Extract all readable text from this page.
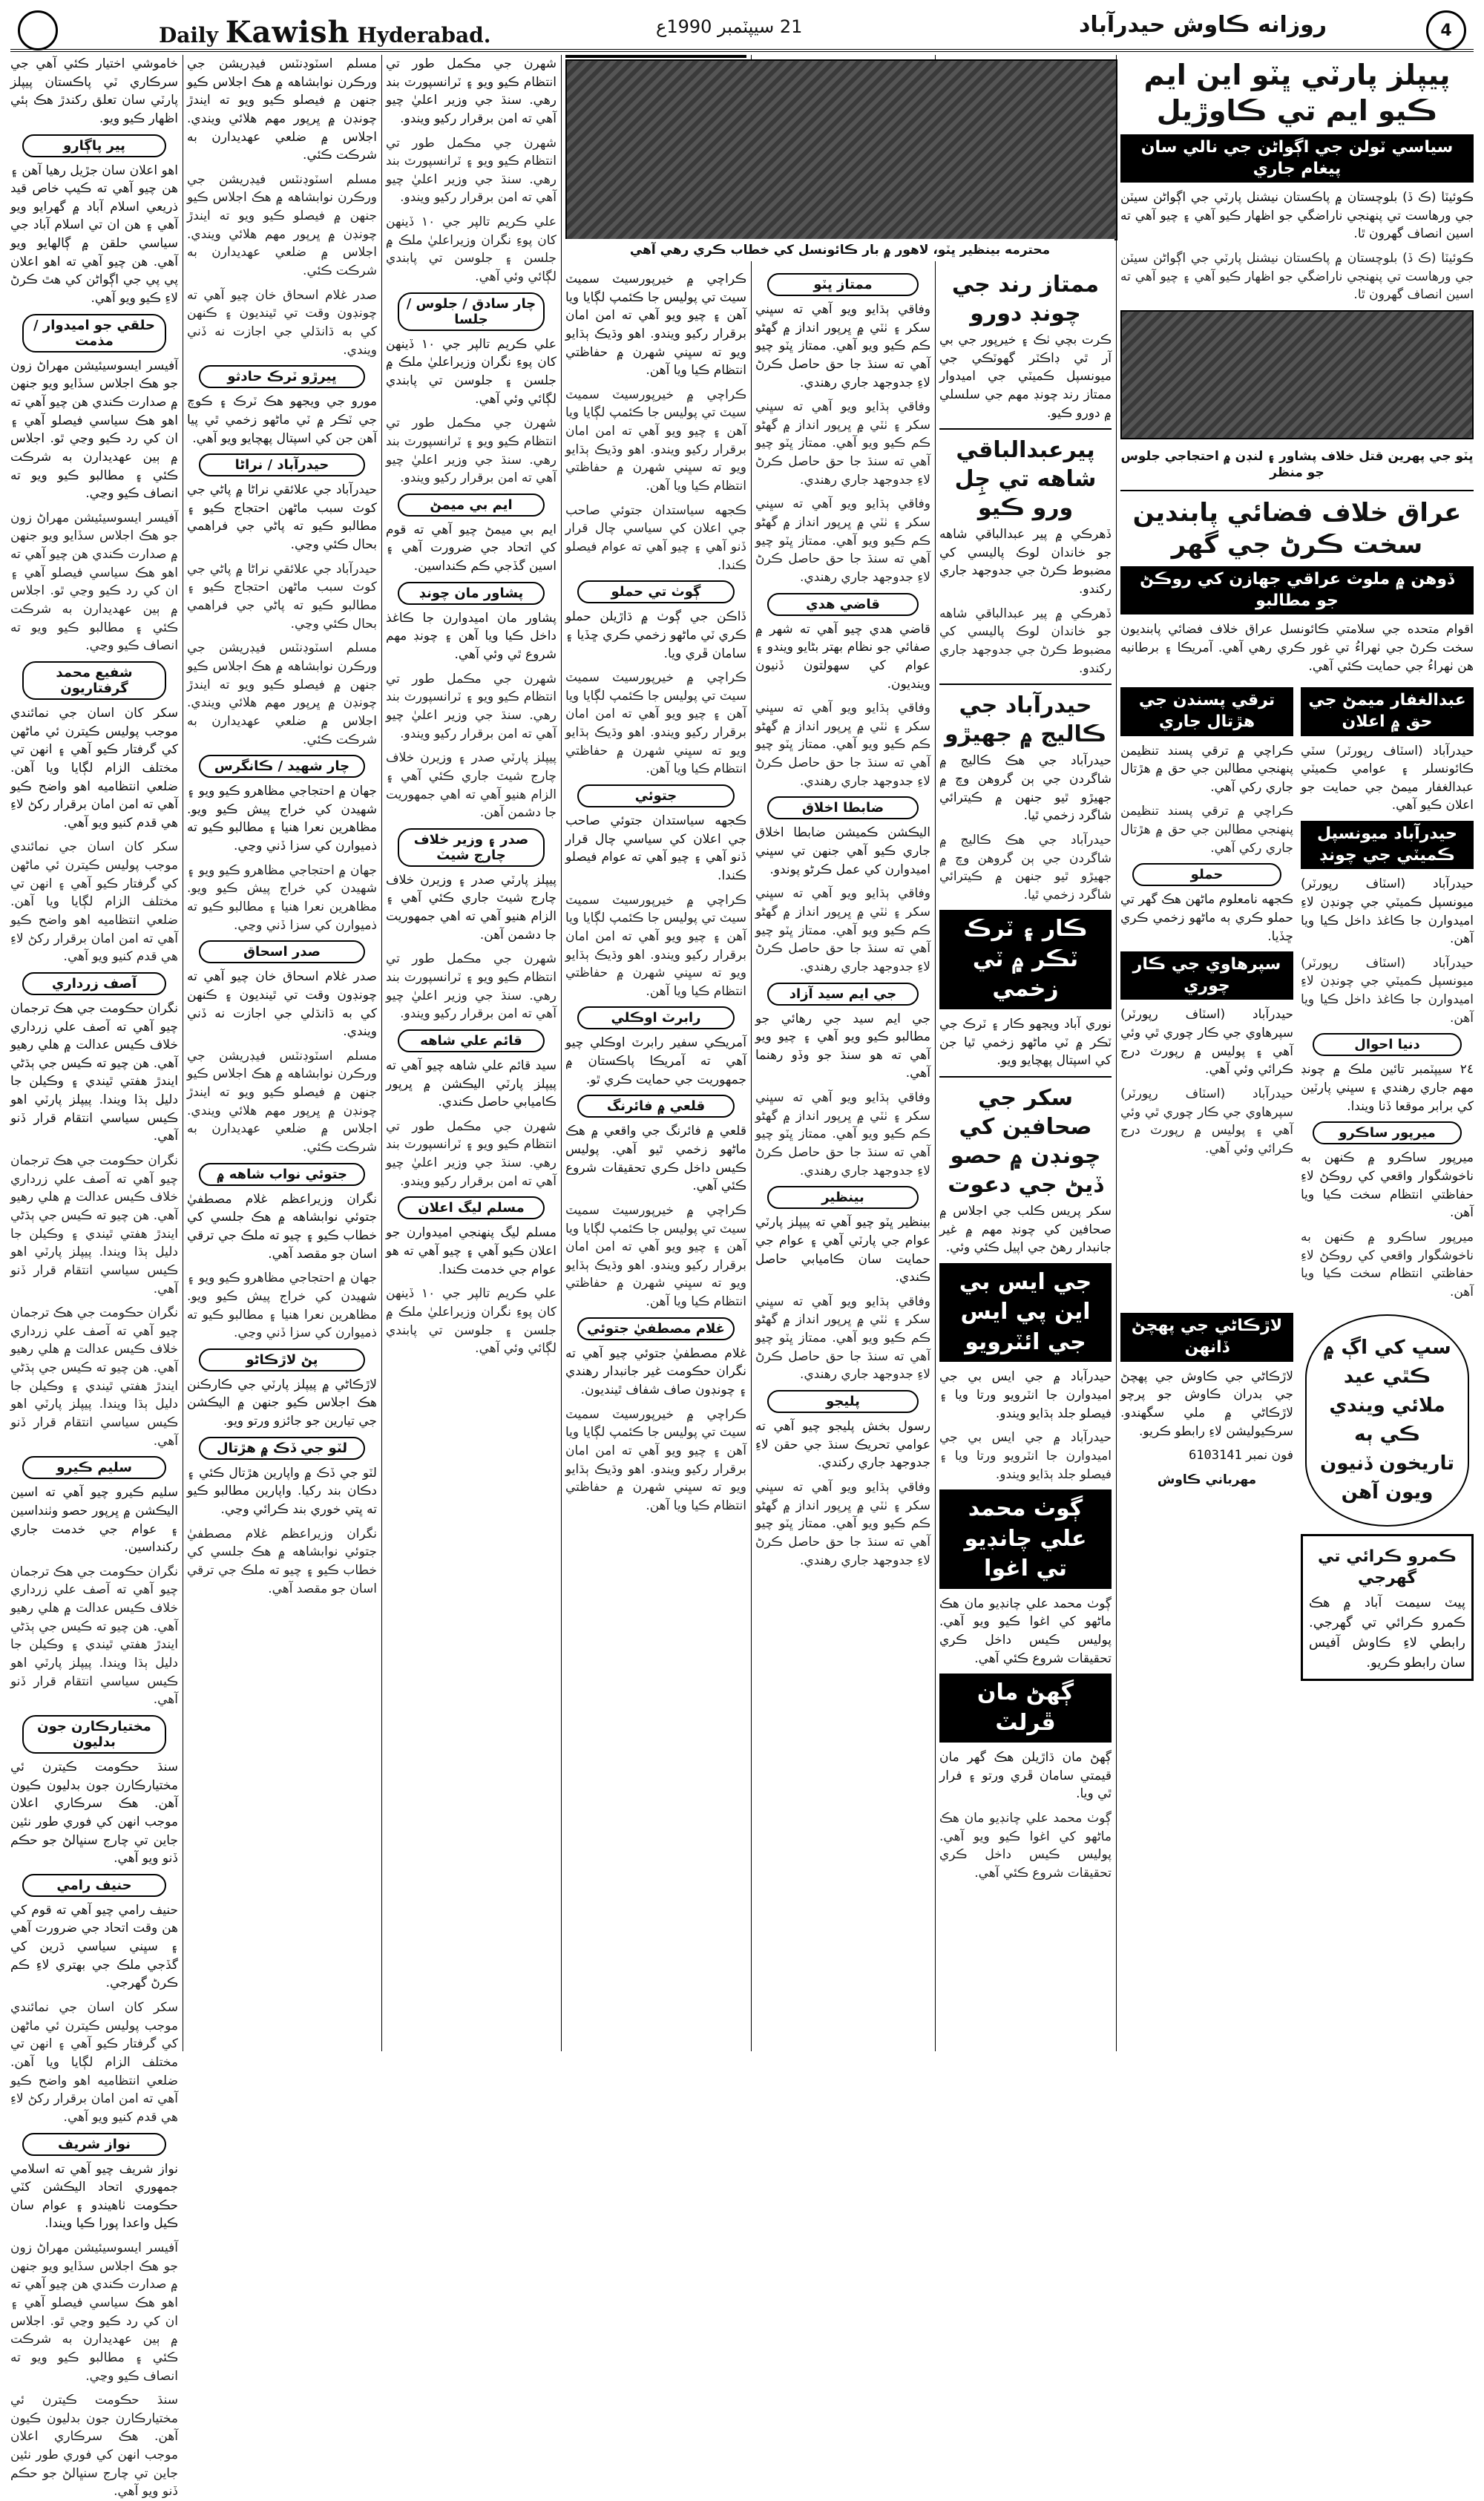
Daily Kawish Hyderabad.	21 سيپٽمبر 1990ع	روزانه ڪاوش حيدرآباد	4

خاموشي اختيار ڪئي آهي جي سرڪاري ٽي پاڪستان پيپلز پارٽي سان تعلق رکندڙ هڪ ٻئي اظهار ڪيو ويو.

پير پاڳارو

اهو اعلان سان جڙيل رهيا آهن ۽ هن چيو آهي ته ڪيپ خاص قيد ذريعي اسلام آباد ۾ گهرايو ويو آهي ۽ هن ان تي اسلام آباد جي سياسي حلقن ۾ ڳالهايو ويو آهي. هن چيو آهي ته اهو اعلان پي پي جي اڳواڻن کي هٿ ڪرڻ لاءِ ڪيو ويو آهي.

حلقي جو اميدوار / مذمت

آفيسر ايسوسيئيشن مهراڻ زون جو هڪ اجلاس سڏايو ويو جنهن ۾ صدارت ڪندي هن چيو آهي ته اهو هڪ سياسي فيصلو آهي ۽ ان کي رد ڪيو وڃي ٿو. اجلاس ۾ ٻين عهديدارن به شرڪت ڪئي ۽ مطالبو ڪيو ويو ته انصاف ڪيو وڃي.

آفيسر ايسوسيئيشن مهراڻ زون جو هڪ اجلاس سڏايو ويو جنهن ۾ صدارت ڪندي هن چيو آهي ته اهو هڪ سياسي فيصلو آهي ۽ ان کي رد ڪيو وڃي ٿو. اجلاس ۾ ٻين عهديدارن به شرڪت ڪئي ۽ مطالبو ڪيو ويو ته انصاف ڪيو وڃي.

شفيع محمد گرفتاريون

سکر کان اسان جي نمائندي موجب پوليس ڪيترن ئي ماڻهن کي گرفتار ڪيو آهي ۽ انهن تي مختلف الزام لڳايا ويا آهن. ضلعي انتظاميه اهو واضح ڪيو آهي ته امن امان برقرار رکڻ لاءِ هي قدم کنيو ويو آهي.

سکر کان اسان جي نمائندي موجب پوليس ڪيترن ئي ماڻهن کي گرفتار ڪيو آهي ۽ انهن تي مختلف الزام لڳايا ويا آهن. ضلعي انتظاميه اهو واضح ڪيو آهي ته امن امان برقرار رکڻ لاءِ هي قدم کنيو ويو آهي.

آصف زرداري

نگران حڪومت جي هڪ ترجمان چيو آهي ته آصف علي زرداري خلاف ڪيس عدالت ۾ هلي رهيو آهي. هن چيو ته ڪيس جي ٻڌڻي ايندڙ هفتي ٿيندي ۽ وڪيلن جا دليل ٻڌا ويندا. پيپلز پارٽي اهو ڪيس سياسي انتقام قرار ڏنو آهي.

نگران حڪومت جي هڪ ترجمان چيو آهي ته آصف علي زرداري خلاف ڪيس عدالت ۾ هلي رهيو آهي. هن چيو ته ڪيس جي ٻڌڻي ايندڙ هفتي ٿيندي ۽ وڪيلن جا دليل ٻڌا ويندا. پيپلز پارٽي اهو ڪيس سياسي انتقام قرار ڏنو آهي.

نگران حڪومت جي هڪ ترجمان چيو آهي ته آصف علي زرداري خلاف ڪيس عدالت ۾ هلي رهيو آهي. هن چيو ته ڪيس جي ٻڌڻي ايندڙ هفتي ٿيندي ۽ وڪيلن جا دليل ٻڌا ويندا. پيپلز پارٽي اهو ڪيس سياسي انتقام قرار ڏنو آهي.

سليم ڪيرو

سليم ڪيرو چيو آهي ته اسين اليڪشن ۾ ڀرپور حصو وٺنداسين ۽ عوام جي خدمت جاري رکنداسين.

نگران حڪومت جي هڪ ترجمان چيو آهي ته آصف علي زرداري خلاف ڪيس عدالت ۾ هلي رهيو آهي. هن چيو ته ڪيس جي ٻڌڻي ايندڙ هفتي ٿيندي ۽ وڪيلن جا دليل ٻڌا ويندا. پيپلز پارٽي اهو ڪيس سياسي انتقام قرار ڏنو آهي.

مختيارڪارن جون بدليون

سنڌ حڪومت ڪيترن ئي مختيارڪارن جون بدليون ڪيون آهن. هڪ سرڪاري اعلان موجب انهن کي فوري طور نئين جاين تي چارج سنڀالڻ جو حڪم ڏنو ويو آهي.

حنيف رامي

حنيف رامي چيو آهي ته قوم کي هن وقت اتحاد جي ضرورت آهي ۽ سڀني سياسي ڌرين کي گڏجي ملڪ جي بهتري لاءِ ڪم ڪرڻ گهرجي.

سکر کان اسان جي نمائندي موجب پوليس ڪيترن ئي ماڻهن کي گرفتار ڪيو آهي ۽ انهن تي مختلف الزام لڳايا ويا آهن. ضلعي انتظاميه اهو واضح ڪيو آهي ته امن امان برقرار رکڻ لاءِ هي قدم کنيو ويو آهي.

نواز شريف

نواز شريف چيو آهي ته اسلامي جمهوري اتحاد اليڪشن کٽي حڪومت ٺاهيندو ۽ عوام سان ڪيل واعدا پورا ڪيا ويندا.

آفيسر ايسوسيئيشن مهراڻ زون جو هڪ اجلاس سڏايو ويو جنهن ۾ صدارت ڪندي هن چيو آهي ته اهو هڪ سياسي فيصلو آهي ۽ ان کي رد ڪيو وڃي ٿو. اجلاس ۾ ٻين عهديدارن به شرڪت ڪئي ۽ مطالبو ڪيو ويو ته انصاف ڪيو وڃي.

سنڌ حڪومت ڪيترن ئي مختيارڪارن جون بدليون ڪيون آهن. هڪ سرڪاري اعلان موجب انهن کي فوري طور نئين جاين تي چارج سنڀالڻ جو حڪم ڏنو ويو آهي.

مسلم اسٽوڊنٽس فيڊريشن جي ورڪرن نوابشاهه ۾ هڪ اجلاس ڪيو جنهن ۾ فيصلو ڪيو ويو ته ايندڙ چونڊن ۾ ڀرپور مهم هلائي ويندي. اجلاس ۾ ضلعي عهديدارن به شرڪت ڪئي.

مسلم اسٽوڊنٽس فيڊريشن جي ورڪرن نوابشاهه ۾ هڪ اجلاس ڪيو جنهن ۾ فيصلو ڪيو ويو ته ايندڙ چونڊن ۾ ڀرپور مهم هلائي ويندي. اجلاس ۾ ضلعي عهديدارن به شرڪت ڪئي.

صدر غلام اسحاق خان چيو آهي ته چونڊون وقت تي ٿينديون ۽ ڪنهن کي به ڌانڌلي جي اجازت نه ڏني ويندي.

ڀيرڙو ٽرڪ حادثو

مورو جي ويجهو هڪ ٽرڪ ۽ ڪوچ جي ٽڪر ۾ ٽي ماڻهو زخمي ٿي پيا آهن جن کي اسپتال پهچايو ويو آهي.

حيدرآباد / نراڻا

حيدرآباد جي علائقي نراڻا ۾ پاڻي جي کوٽ سبب ماڻهن احتجاج ڪيو ۽ مطالبو ڪيو ته پاڻي جي فراهمي بحال ڪئي وڃي.

حيدرآباد جي علائقي نراڻا ۾ پاڻي جي کوٽ سبب ماڻهن احتجاج ڪيو ۽ مطالبو ڪيو ته پاڻي جي فراهمي بحال ڪئي وڃي.

مسلم اسٽوڊنٽس فيڊريشن جي ورڪرن نوابشاهه ۾ هڪ اجلاس ڪيو جنهن ۾ فيصلو ڪيو ويو ته ايندڙ چونڊن ۾ ڀرپور مهم هلائي ويندي. اجلاس ۾ ضلعي عهديدارن به شرڪت ڪئي.

چار شهيد / ڪانگرس

جهان ۾ احتجاجي مظاهرو ڪيو ويو ۽ شهيدن کي خراج پيش ڪيو ويو. مظاهرين نعرا هنيا ۽ مطالبو ڪيو ته ذميوارن کي سزا ڏني وڃي.

جهان ۾ احتجاجي مظاهرو ڪيو ويو ۽ شهيدن کي خراج پيش ڪيو ويو. مظاهرين نعرا هنيا ۽ مطالبو ڪيو ته ذميوارن کي سزا ڏني وڃي.

صدر اسحاق

صدر غلام اسحاق خان چيو آهي ته چونڊون وقت تي ٿينديون ۽ ڪنهن کي به ڌانڌلي جي اجازت نه ڏني ويندي.

مسلم اسٽوڊنٽس فيڊريشن جي ورڪرن نوابشاهه ۾ هڪ اجلاس ڪيو جنهن ۾ فيصلو ڪيو ويو ته ايندڙ چونڊن ۾ ڀرپور مهم هلائي ويندي. اجلاس ۾ ضلعي عهديدارن به شرڪت ڪئي.

جتوئي نواب شاهه ۾

نگران وزيراعظم غلام مصطفيٰ جتوئي نوابشاهه ۾ هڪ جلسي کي خطاب ڪيو ۽ چيو ته ملڪ جي ترقي اسان جو مقصد آهي.

جهان ۾ احتجاجي مظاهرو ڪيو ويو ۽ شهيدن کي خراج پيش ڪيو ويو. مظاهرين نعرا هنيا ۽ مطالبو ڪيو ته ذميوارن کي سزا ڏني وڃي.

پڻ لاڙڪاڻو

لاڙڪاڻي ۾ پيپلز پارٽي جي ڪارڪنن هڪ اجلاس ڪيو جنهن ۾ اليڪشن جي تيارين جو جائزو ورتو ويو.

لٽو جي ڏڪ ۾ هڙتال

لٽو جي ڏڪ ۾ واپارين هڙتال ڪئي ۽ دڪان بند رکيا. واپارين مطالبو ڪيو ته ڀتي خوري بند ڪرائي وڃي.

نگران وزيراعظم غلام مصطفيٰ جتوئي نوابشاهه ۾ هڪ جلسي کي خطاب ڪيو ۽ چيو ته ملڪ جي ترقي اسان جو مقصد آهي.

شهرن جي مڪمل طور تي انتظام ڪيو ويو ۽ ٽرانسپورٽ بند رهي. سنڌ جي وزير اعليٰ چيو آهي ته امن برقرار رکيو ويندو.

شهرن جي مڪمل طور تي انتظام ڪيو ويو ۽ ٽرانسپورٽ بند رهي. سنڌ جي وزير اعليٰ چيو آهي ته امن برقرار رکيو ويندو.

علي ڪريم تالپر جي ١٠ ڏينهن کان پوءِ نگران وزيراعليٰ ملڪ ۾ جلسن ۽ جلوسن تي پابندي لڳائي وئي آهي.

چار سادق / جلوس / جلسا

علي ڪريم تالپر جي ١٠ ڏينهن کان پوءِ نگران وزيراعليٰ ملڪ ۾ جلسن ۽ جلوسن تي پابندي لڳائي وئي آهي.

شهرن جي مڪمل طور تي انتظام ڪيو ويو ۽ ٽرانسپورٽ بند رهي. سنڌ جي وزير اعليٰ چيو آهي ته امن برقرار رکيو ويندو.

ايم بي ميمڻ

ايم بي ميمڻ چيو آهي ته قوم کي اتحاد جي ضرورت آهي ۽ اسين گڏجي ڪم ڪنداسين.

پشاور مان چونڊ

پشاور مان اميدوارن جا ڪاغذ داخل ڪيا ويا آهن ۽ چونڊ مهم شروع ٿي وئي آهي.

شهرن جي مڪمل طور تي انتظام ڪيو ويو ۽ ٽرانسپورٽ بند رهي. سنڌ جي وزير اعليٰ چيو آهي ته امن برقرار رکيو ويندو.

پيپلز پارٽي صدر ۽ وزيرن خلاف چارج شيٽ جاري ڪئي آهي ۽ الزام هنيو آهي ته اهي جمهوريت جا دشمن آهن.

صدر ۽ وزير خلاف چارج شيٽ

پيپلز پارٽي صدر ۽ وزيرن خلاف چارج شيٽ جاري ڪئي آهي ۽ الزام هنيو آهي ته اهي جمهوريت جا دشمن آهن.

شهرن جي مڪمل طور تي انتظام ڪيو ويو ۽ ٽرانسپورٽ بند رهي. سنڌ جي وزير اعليٰ چيو آهي ته امن برقرار رکيو ويندو.

قائم علي شاهه

سيد قائم علي شاهه چيو آهي ته پيپلز پارٽي اليڪشن ۾ ڀرپور ڪاميابي حاصل ڪندي.

شهرن جي مڪمل طور تي انتظام ڪيو ويو ۽ ٽرانسپورٽ بند رهي. سنڌ جي وزير اعليٰ چيو آهي ته امن برقرار رکيو ويندو.

مسلم ليگ اعلان

مسلم ليگ پنهنجي اميدوارن جو اعلان ڪيو آهي ۽ چيو آهي ته هو عوام جي خدمت ڪندا.

علي ڪريم تالپر جي ١٠ ڏينهن کان پوءِ نگران وزيراعليٰ ملڪ ۾ جلسن ۽ جلوسن تي پابندي لڳائي وئي آهي.

ڪراچي ۾ خيرپورسيٽ سميٽ سيٽ تي پوليس جا ڪئمپ لڳايا ويا آهن ۽ چيو ويو آهي ته امن امان برقرار رکيو ويندو. اهو وڌيڪ ٻڌايو ويو ته سڀني شهرن ۾ حفاظتي انتظام ڪيا ويا آهن.

ڪراچي ۾ خيرپورسيٽ سميٽ سيٽ تي پوليس جا ڪئمپ لڳايا ويا آهن ۽ چيو ويو آهي ته امن امان برقرار رکيو ويندو. اهو وڌيڪ ٻڌايو ويو ته سڀني شهرن ۾ حفاظتي انتظام ڪيا ويا آهن.

ڪجهه سياستدان جتوئي صاحب جي اعلان کي سياسي چال قرار ڏنو آهي ۽ چيو آهي ته عوام فيصلو ڪندا.

ڳوٺ تي حملو

ڏاڪن جي ڳوٺ ۾ ڌاڙيلن حملو ڪري ٽي ماڻهو زخمي ڪري ڇڏيا ۽ سامان ڦري ويا.

ڪراچي ۾ خيرپورسيٽ سميٽ سيٽ تي پوليس جا ڪئمپ لڳايا ويا آهن ۽ چيو ويو آهي ته امن امان برقرار رکيو ويندو. اهو وڌيڪ ٻڌايو ويو ته سڀني شهرن ۾ حفاظتي انتظام ڪيا ويا آهن.

جتوئي

ڪجهه سياستدان جتوئي صاحب جي اعلان کي سياسي چال قرار ڏنو آهي ۽ چيو آهي ته عوام فيصلو ڪندا.

ڪراچي ۾ خيرپورسيٽ سميٽ سيٽ تي پوليس جا ڪئمپ لڳايا ويا آهن ۽ چيو ويو آهي ته امن امان برقرار رکيو ويندو. اهو وڌيڪ ٻڌايو ويو ته سڀني شهرن ۾ حفاظتي انتظام ڪيا ويا آهن.

رابرٽ اوڪلي

آمريڪي سفير رابرٽ اوڪلي چيو آهي ته آمريڪا پاڪستان ۾ جمهوريت جي حمايت ڪري ٿو.

قلعي ۾ فائرنگ

قلعي ۾ فائرنگ جي واقعي ۾ هڪ ماڻهو زخمي ٿيو آهي. پوليس ڪيس داخل ڪري تحقيقات شروع ڪئي آهي.

ڪراچي ۾ خيرپورسيٽ سميٽ سيٽ تي پوليس جا ڪئمپ لڳايا ويا آهن ۽ چيو ويو آهي ته امن امان برقرار رکيو ويندو. اهو وڌيڪ ٻڌايو ويو ته سڀني شهرن ۾ حفاظتي انتظام ڪيا ويا آهن.

غلام مصطفيٰ جتوئي

غلام مصطفيٰ جتوئي چيو آهي ته نگران حڪومت غير جانبدار رهندي ۽ چونڊون صاف شفاف ٿينديون.

ڪراچي ۾ خيرپورسيٽ سميٽ سيٽ تي پوليس جا ڪئمپ لڳايا ويا آهن ۽ چيو ويو آهي ته امن امان برقرار رکيو ويندو. اهو وڌيڪ ٻڌايو ويو ته سڀني شهرن ۾ حفاظتي انتظام ڪيا ويا آهن.

محترمه بينظير ڀٽو، لاهور ۾ بار ڪائونسل کي خطاب ڪري رهي آهي
ممتاز ڀٽو

وفاقي ٻڌايو ويو آهي ته سڀني سکر ۽ ٺٽي ۾ ڀرپور انداز ۾ گهڻو ڪم ڪيو ويو آهي. ممتاز ڀٽو چيو آهي ته سنڌ جا حق حاصل ڪرڻ لاءِ جدوجهد جاري رهندي.

وفاقي ٻڌايو ويو آهي ته سڀني سکر ۽ ٺٽي ۾ ڀرپور انداز ۾ گهڻو ڪم ڪيو ويو آهي. ممتاز ڀٽو چيو آهي ته سنڌ جا حق حاصل ڪرڻ لاءِ جدوجهد جاري رهندي.

وفاقي ٻڌايو ويو آهي ته سڀني سکر ۽ ٺٽي ۾ ڀرپور انداز ۾ گهڻو ڪم ڪيو ويو آهي. ممتاز ڀٽو چيو آهي ته سنڌ جا حق حاصل ڪرڻ لاءِ جدوجهد جاري رهندي.

قاضي هدي

قاضي هدي چيو آهي ته شهر ۾ صفائي جو نظام بهتر بڻايو ويندو ۽ عوام کي سهولتون ڏنيون وينديون.

وفاقي ٻڌايو ويو آهي ته سڀني سکر ۽ ٺٽي ۾ ڀرپور انداز ۾ گهڻو ڪم ڪيو ويو آهي. ممتاز ڀٽو چيو آهي ته سنڌ جا حق حاصل ڪرڻ لاءِ جدوجهد جاري رهندي.

ضابطا اخلاق

اليڪشن ڪميشن ضابطا اخلاق جاري ڪيو آهي جنهن تي سڀني اميدوارن کي عمل ڪرڻو پوندو.

وفاقي ٻڌايو ويو آهي ته سڀني سکر ۽ ٺٽي ۾ ڀرپور انداز ۾ گهڻو ڪم ڪيو ويو آهي. ممتاز ڀٽو چيو آهي ته سنڌ جا حق حاصل ڪرڻ لاءِ جدوجهد جاري رهندي.

جي ايم سيد آزاد

جي ايم سيد جي رهائي جو مطالبو ڪيو ويو آهي ۽ چيو ويو آهي ته هو سنڌ جو وڏو رهنما آهي.

وفاقي ٻڌايو ويو آهي ته سڀني سکر ۽ ٺٽي ۾ ڀرپور انداز ۾ گهڻو ڪم ڪيو ويو آهي. ممتاز ڀٽو چيو آهي ته سنڌ جا حق حاصل ڪرڻ لاءِ جدوجهد جاري رهندي.

بينظير

بينظير ڀٽو چيو آهي ته پيپلز پارٽي عوام جي پارٽي آهي ۽ عوام جي حمايت سان ڪاميابي حاصل ڪندي.

وفاقي ٻڌايو ويو آهي ته سڀني سکر ۽ ٺٽي ۾ ڀرپور انداز ۾ گهڻو ڪم ڪيو ويو آهي. ممتاز ڀٽو چيو آهي ته سنڌ جا حق حاصل ڪرڻ لاءِ جدوجهد جاري رهندي.

پليجو

رسول بخش پليجو چيو آهي ته عوامي تحريڪ سنڌ جي حقن لاءِ جدوجهد جاري رکندي.

وفاقي ٻڌايو ويو آهي ته سڀني سکر ۽ ٺٽي ۾ ڀرپور انداز ۾ گهڻو ڪم ڪيو ويو آهي. ممتاز ڀٽو چيو آهي ته سنڌ جا حق حاصل ڪرڻ لاءِ جدوجهد جاري رهندي.

ممتاز رند جي چونڊ دورو

ڪرت بچي ٺڪ ۽ خيرپور جي بي آر ٿي ڊاڪٽر گهوٽڪي جي ميونسپل ڪميٽي جي اميدوار ممتاز رند چونڊ مهم جي سلسلي ۾ دورو ڪيو.

پيرعبدالباقي شاهه تي ڄِل ورو ڪيو

ڏهرڪي ۾ پير عبدالباقي شاهه جو خاندان لوڪ پاليسي کي مضبوط ڪرڻ جي جدوجهد جاري رکندو.

ڏهرڪي ۾ پير عبدالباقي شاهه جو خاندان لوڪ پاليسي کي مضبوط ڪرڻ جي جدوجهد جاري رکندو.

حيدرآباد جي ڪاليج ۾ جهيڙو

حيدرآباد جي هڪ ڪاليج ۾ شاگردن جي ٻن گروهن وچ ۾ جهيڙو ٿيو جنهن ۾ ڪيترائي شاگرد زخمي ٿيا.

حيدرآباد جي هڪ ڪاليج ۾ شاگردن جي ٻن گروهن وچ ۾ جهيڙو ٿيو جنهن ۾ ڪيترائي شاگرد زخمي ٿيا.

ڪار ۽ ٽرڪ ٽڪر ۾ ٽي زخمي

نوري آباد ويجهو ڪار ۽ ٽرڪ جي ٽڪر ۾ ٽي ماڻهو زخمي ٿيا جن کي اسپتال پهچايو ويو.

سکر جي صحافين کي چونڊن ۾ حصو ڏيڻ جي دعوت

سکر پريس ڪلب جي اجلاس ۾ صحافين کي چونڊ مهم ۾ غير جانبدار رهڻ جي اپيل ڪئي وئي.

جي ايس بي اين پي ايس جي ائٽرويو

حيدرآباد ۾ جي ايس بي جي اميدوارن جا انٽرويو ورتا ويا ۽ فيصلو جلد ٻڌايو ويندو.

حيدرآباد ۾ جي ايس بي جي اميدوارن جا انٽرويو ورتا ويا ۽ فيصلو جلد ٻڌايو ويندو.

ڳوٺ محمد علي چانڊيو تي اغوا

ڳوٺ محمد علي چانڊيو مان هڪ ماڻهو کي اغوا ڪيو ويو آهي. پوليس ڪيس داخل ڪري تحقيقات شروع ڪئي آهي.

ڳهڻ مان ڦرلٽ

ڳهڻ مان ڌاڙيلن هڪ گهر مان قيمتي سامان ڦري ورتو ۽ فرار ٿي ويا.

ڳوٺ محمد علي چانڊيو مان هڪ ماڻهو کي اغوا ڪيو ويو آهي. پوليس ڪيس داخل ڪري تحقيقات شروع ڪئي آهي.

پيپلز پارٽي ڀٽو اين ايم ڪيو ايم تي ڪاوڙيل
سياسي ٽولن جي اڳواڻن جي نالي سان پيغام جاري

ڪوئيٽا (ڪ ڏ) بلوچستان ۾ پاڪستان نيشنل پارٽي جي اڳواڻن سيٽن جي ورهاست تي پنهنجي ناراضگي جو اظهار ڪيو آهي ۽ چيو آهي ته اسين انصاف گهرون ٿا.

ڪوئيٽا (ڪ ڏ) بلوچستان ۾ پاڪستان نيشنل پارٽي جي اڳواڻن سيٽن جي ورهاست تي پنهنجي ناراضگي جو اظهار ڪيو آهي ۽ چيو آهي ته اسين انصاف گهرون ٿا.

ڀٽو جي پهرين قتل خلاف پشاور ۽ لنڊن ۾ احتجاجي جلوس جو منظر
عراق خلاف فضائي پابندين سخت ڪرڻ جي گهر
ڏوهن ۾ ملوث عراقي جهازن کي روڪڻ جو مطالبو

اقوام متحده جي سلامتي ڪائونسل عراق خلاف فضائي پابنديون سخت ڪرڻ جي ٺهراءُ تي غور ڪري رهي آهي. آمريڪا ۽ برطانيه هن ٺهراءُ جي حمايت ڪئي آهي.

عبدالغفار ميمڻ جي حق ۾ اعلان

حيدرآباد (اسٽاف رپورٽر) سٽي ڪائونسلر ۽ عوامي ڪميٽي عبدالغفار ميمڻ جي حمايت جو اعلان ڪيو آهي.

حيدرآباد ميونسپل ڪميٽي جي چونڊ

حيدرآباد (اسٽاف رپورٽر) ميونسپل ڪميٽي جي چونڊن لاءِ اميدوارن جا ڪاغذ داخل ڪيا ويا آهن.

حيدرآباد (اسٽاف رپورٽر) ميونسپل ڪميٽي جي چونڊن لاءِ اميدوارن جا ڪاغذ داخل ڪيا ويا آهن.

دنيا احوال

٢٤ سيپٽمبر تائين ملڪ ۾ چونڊ مهم جاري رهندي ۽ سڀني پارٽين کي برابر موقعا ڏنا ويندا.

ميرپور ساڪرو

ميرپور ساڪرو ۾ ڪنهن به ناخوشگوار واقعي کي روڪڻ لاءِ حفاظتي انتظام سخت ڪيا ويا آهن.

ميرپور ساڪرو ۾ ڪنهن به ناخوشگوار واقعي کي روڪڻ لاءِ حفاظتي انتظام سخت ڪيا ويا آهن.

ترقي پسندن جي هڙتال جاري

ڪراچي ۾ ترقي پسند تنظيمن پنهنجي مطالبن جي حق ۾ هڙتال جاري رکي آهي.

ڪراچي ۾ ترقي پسند تنظيمن پنهنجي مطالبن جي حق ۾ هڙتال جاري رکي آهي.

حملو

ڪجهه نامعلوم ماڻهن هڪ گهر تي حملو ڪري ٻه ماڻهو زخمي ڪري ڇڏيا.

سپرهاوي جي ڪار چوري

حيدرآباد (اسٽاف رپورٽر) سپرهاوي جي ڪار چوري ٿي وئي آهي ۽ پوليس ۾ رپورٽ درج ڪرائي وئي آهي.

حيدرآباد (اسٽاف رپورٽر) سپرهاوي جي ڪار چوري ٿي وئي آهي ۽ پوليس ۾ رپورٽ درج ڪرائي وئي آهي.

سڀ کي اڳ ۾ ڪٿي عيد ملائي ويندي ڪي ٻه تاريخون ڏنيون ويون آهن
ڪمرو ڪرائي تي گهرجي
پيٽ سيمت آباد ۾ هڪ ڪمرو ڪرائي تي گهرجي. رابطي لاءِ ڪاوش آفيس سان رابطو ڪريو.
لاڙڪاڻي جي پهچڻ ڏانهن

لاڙڪاڻي جي ڪاوش جي پهچڻ جي بدران ڪاوش جو پرچو لاڙڪاڻي ۾ ملي سگهندو. سرڪيوليشن لاءِ رابطو ڪريو.

فون نمبر 6103141

مهرباني ڪاوش
